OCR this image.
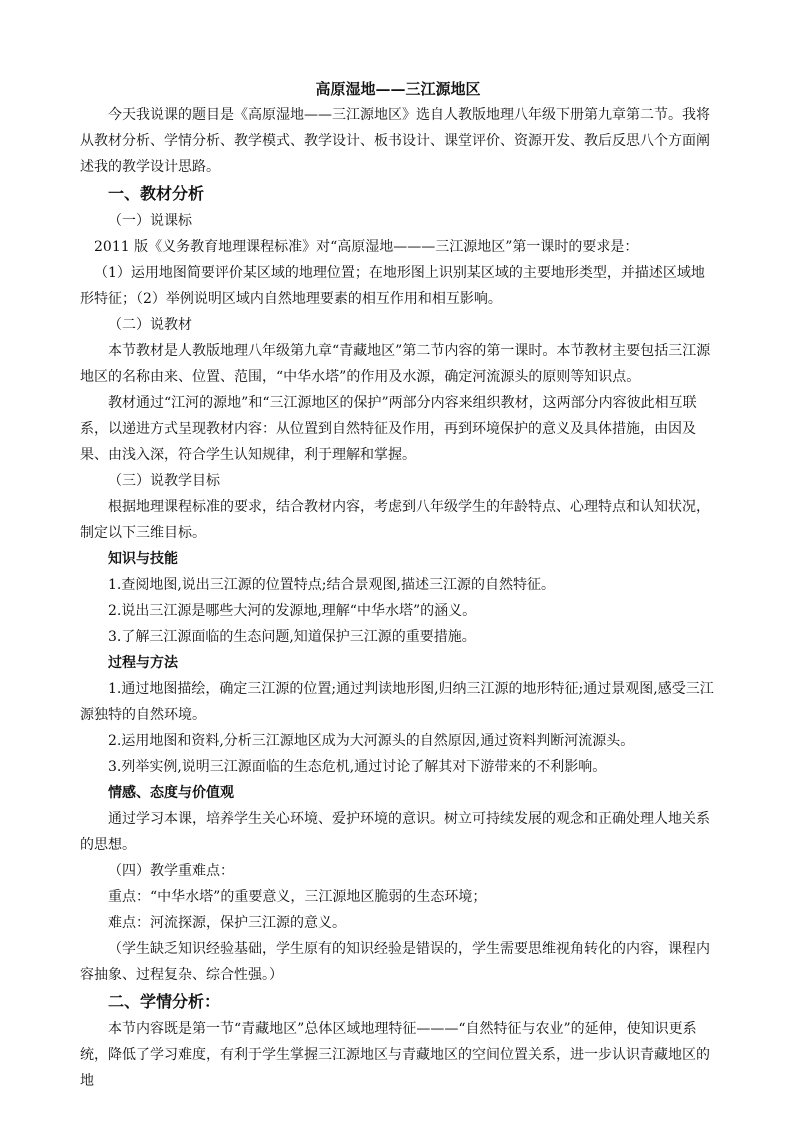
高原湿地——三江源地区

今天我说课的题目是《高原湿地——三江源地区》选自人教版地理八年级下册第九章第二节。我将从教材分析、学情分析、教学模式、教学设计、板书设计、课堂评价、资源开发、教后反思八个方面阐述我的教学设计思路。

一、教材分析

（一）说课标

2011 版《义务教育地理课程标准》对“高原湿地———三江源地区”第一课时的要求是：

（1）运用地图简要评价某区域的地理位置；在地形图上识别某区域的主要地形类型，并描述区域地形特征；（2）举例说明区域内自然地理要素的相互作用和相互影响。

（二）说教材

本节教材是人教版地理八年级第九章“青藏地区”第二节内容的第一课时。本节教材主要包括三江源地区的名称由来、位置、范围，“中华水塔”的作用及水源，确定河流源头的原则等知识点。

教材通过“江河的源地”和“三江源地区的保护”两部分内容来组织教材，这两部分内容彼此相互联系，以递进方式呈现教材内容：从位置到自然特征及作用，再到环境保护的意义及具体措施，由因及果、由浅入深，符合学生认知规律，利于理解和掌握。

（三）说教学目标

根据地理课程标准的要求，结合教材内容，考虑到八年级学生的年龄特点、心理特点和认知状况，制定以下三维目标。

知识与技能

1.查阅地图,说出三江源的位置特点;结合景观图,描述三江源的自然特征。

2.说出三江源是哪些大河的发源地,理解“中华水塔”的涵义。

3.了解三江源面临的生态问题,知道保护三江源的重要措施。

过程与方法

1.通过地图描绘，确定三江源的位置;通过判读地形图,归纳三江源的地形特征;通过景观图,感受三江源独特的自然环境。

2.运用地图和资料,分析三江源地区成为大河源头的自然原因,通过资料判断河流源头。

3.列举实例,说明三江源面临的生态危机,通过讨论了解其对下游带来的不利影响。

情感、态度与价值观

通过学习本课，培养学生关心环境、爱护环境的意识。树立可持续发展的观念和正确处理人地关系的思想。

（四）教学重难点：

重点：“中华水塔”的重要意义，三江源地区脆弱的生态环境；

难点：河流探源，保护三江源的意义。

（学生缺乏知识经验基础，学生原有的知识经验是错误的，学生需要思维视角转化的内容，课程内容抽象、过程复杂、综合性强。）

二、学情分析：

本节内容既是第一节“青藏地区”总体区域地理特征———“自然特征与农业”的延伸，使知识更系统，降低了学习难度，有利于学生掌握三江源地区与青藏地区的空间位置关系，进一步认识青藏地区的地
